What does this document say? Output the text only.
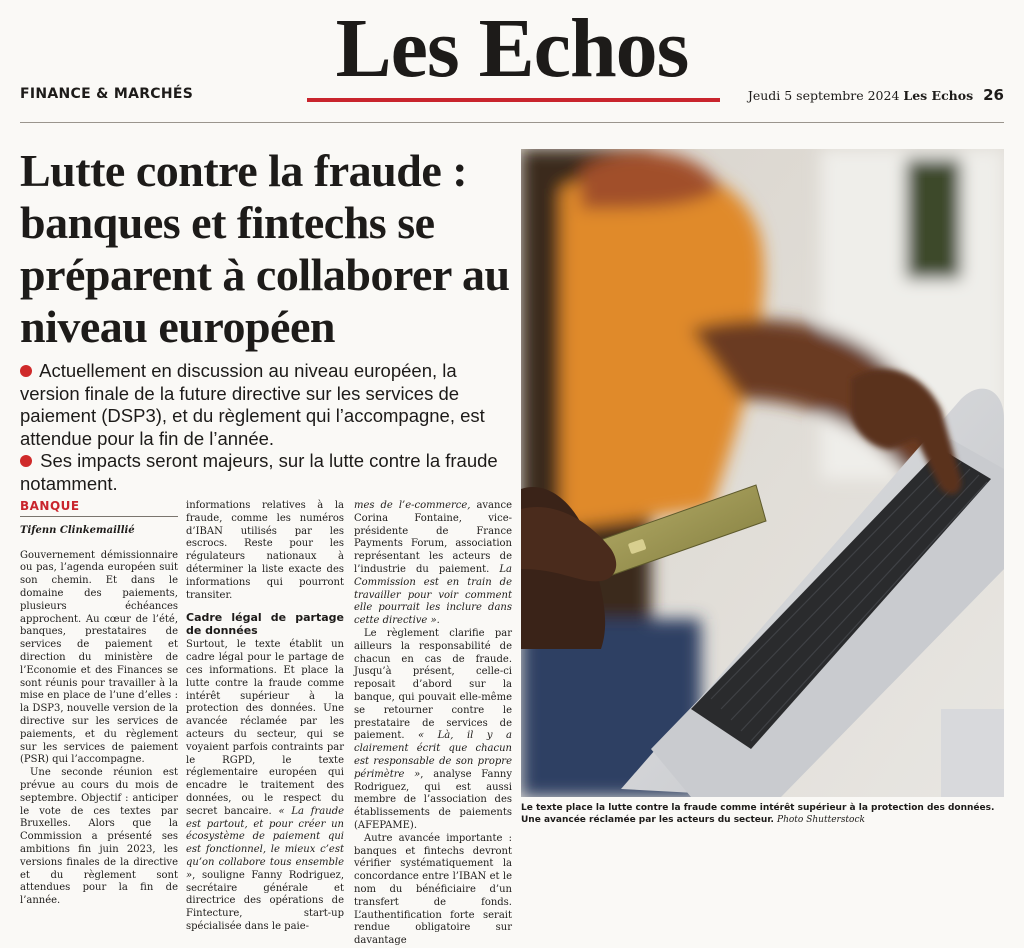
Les Echos
FINANCE & MARCHÉS	Jeudi 5 septembre 2024 Les Echos 26
Lutte contre la fraude : banques et fintechs se préparent à collaborer au niveau européen

Actuellement en discussion au niveau européen, la version finale de la future directive sur les services de paiement (DSP3), et du règlement qui l’accompagne, est attendue pour la fin de l’année.

Ses impacts seront majeurs, sur la lutte contre la fraude notamment.

BANQUE
Tifenn Clinkemaillié

Gouvernement démissionnaire ou pas, l’agenda européen suit son chemin. Et dans le domaine des paiements, plusieurs échéances approchent. Au cœur de l’été, banques, prestataires de services de paiement et direction du ministère de l’Economie et des Finances se sont réunis pour travailler à la mise en place de l’une d’elles : la DSP3, nouvelle version de la directive sur les services de paiements, et du règlement sur les services de paiement (PSR) qui l’accompagne.

Une seconde réunion est prévue au cours du mois de septembre. Objectif : anticiper le vote de ces textes par Bruxelles. Alors que la Commission a présenté ses ambitions fin juin 2023, les versions finales de la directive et du règlement sont attendues pour la fin de l’année.

informations relatives à la fraude, comme les numéros d’IBAN utilisés par les escrocs. Reste pour les régulateurs nationaux à déterminer la liste exacte des informations qui pourront transiter.

Cadre légal de partage de données

Surtout, le texte établit un cadre légal pour le partage de ces informations. Et place la lutte contre la fraude comme intérêt supérieur à la protection des données. Une avancée réclamée par les acteurs du secteur, qui se voyaient parfois contraints par le RGPD, le texte réglementaire européen qui encadre le traitement des données, ou le respect du secret bancaire. « La fraude est partout, et pour créer un écosystème de paiement qui est fonctionnel, le mieux c’est qu’on collabore tous ensemble », souligne Fanny Rodriguez, secrétaire générale et directrice des opérations de Fintecture, start-up spécialisée dans le paie-

mes de l’e-commerce, avance Corina Fontaine, vice-présidente de France Payments Forum, association représentant les acteurs de l’industrie du paiement. La Commission est en train de travailler pour voir comment elle pourrait les inclure dans cette directive ».

Le règlement clarifie par ailleurs la responsabilité de chacun en cas de fraude. Jusqu’à présent, celle-ci reposait d’abord sur la banque, qui pouvait elle-même se retourner contre le prestataire de services de paiement. « Là, il y a clairement écrit que chacun est responsable de son propre périmètre », analyse Fanny Rodriguez, qui est aussi membre de l’association des établissements de paiements (AFEPAME).

Autre avancée importante : banques et fintechs devront vérifier systématiquement la concordance entre l’IBAN et le nom du bénéficiaire d’un transfert de fonds. L’authentification forte serait rendue obligatoire sur davantage

Le texte place la lutte contre la fraude comme intérêt supérieur à la protection des données. Une avancée réclamée par les acteurs du secteur. Photo Shutterstock
